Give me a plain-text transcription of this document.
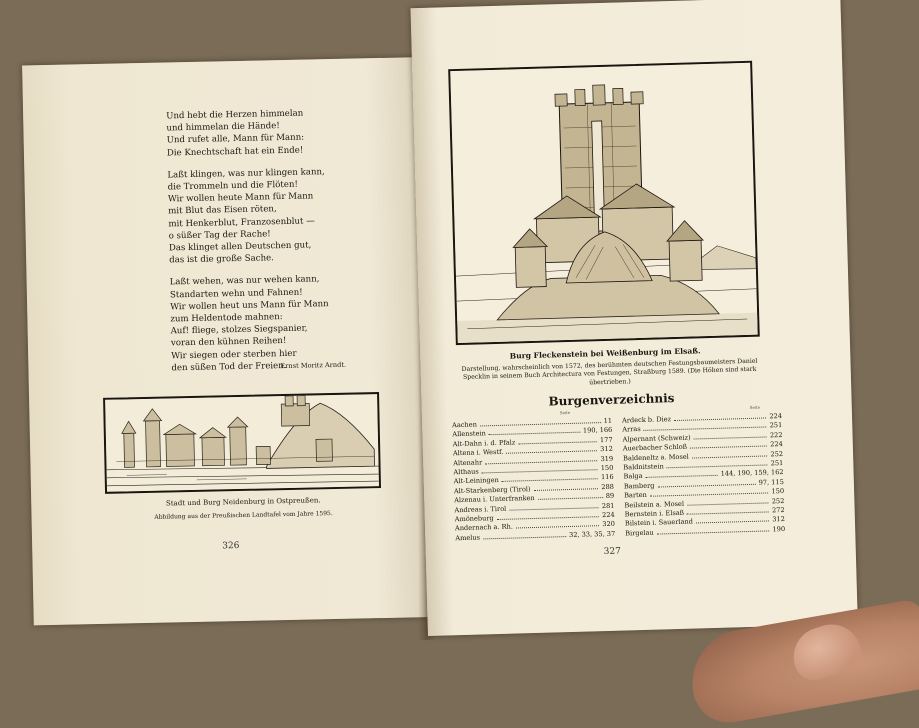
Und hebt die Herzen himmelan
und himmelan die Hände!
Und rufet alle, Mann für Mann:
Die Knechtschaft hat ein Ende!
Laßt klingen, was nur klingen kann,
die Trommeln und die Flöten!
Wir wollen heute Mann für Mann
mit Blut das Eisen röten,
mit Henkerblut, Franzosenblut —
o süßer Tag der Rache!
Das klinget allen Deutschen gut,
das ist die große Sache.
Laßt wehen, was nur wehen kann,
Standarten wehn und Fahnen!
Wir wollen heut uns Mann für Mann
zum Heldentode mahnen:
Auf! fliege, stolzes Siegspanier,
voran den kühnen Reihen!
Wir siegen oder sterben hier
den süßen Tod der Freien.
Ernst Moritz Arndt.
Stadt und Burg Neidenburg in Ostpreußen.
Abbildung aus der Preußischen Landtafel vom Jahre 1595.
326
Burg Fleckenstein bei Weißenburg im Elsaß.
Darstellung, wahrscheinlich von 1572, des berühmten deutschen Festungsbaumeisters Daniel Specklin in seinem Buch Architectura von Festungen, Straßburg 1589. (Die Höhen sind stark übertrieben.)
Burgenverzeichnis
Seite
Seite
Aachen	11
Allenstein	190, 166
Alt-Dahn i. d. Pfalz	177
Altena i. Westf.	312
Altenahr	319
Althaus	150
Alt-Leiningen	116
Alt-Starkenberg (Tirol)	288
Alzenau i. Unterfranken	89
Andreas i. Tirol	281
Amöneburg	224
Andernach a. Rh.	320
Amelus	32, 33, 35, 37
Ardeck b. Diez	224
Arras	251
Alpernant (Schweiz)	222
Auerbacher Schloß	224
Baldeneltz a. Mosel	252
Baldnitstein	251
Balga	144, 190, 159, 162
Bamberg	97, 115
Barten	150
Beilstein a. Mosel	252
Bernstein i. Elsaß	272
Bilstein i. Sauerland	312
Birgelau	190
327
